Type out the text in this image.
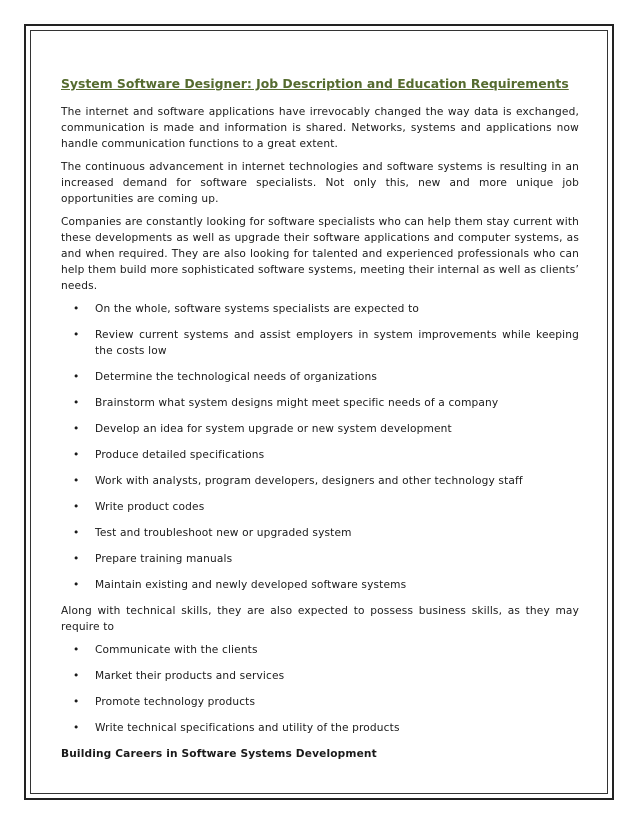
System Software Designer: Job Description and Education Requirements

The internet and software applications have irrevocably changed the way data is exchanged, communication is made and information is shared. Networks, systems and applications now handle communication functions to a great extent.

The continuous advancement in internet technologies and software systems is resulting in an increased demand for software specialists. Not only this, new and more unique job opportunities are coming up.

Companies are constantly looking for software specialists who can help them stay current with these developments as well as upgrade their software applications and computer systems, as and when required. They are also looking for talented and experienced professionals who can help them build more sophisticated software systems, meeting their internal as well as clients’ needs.

• On the whole, software systems specialists are expected to
• Review current systems and assist employers in system improvements while keeping the costs low
• Determine the technological needs of organizations
• Brainstorm what system designs might meet specific needs of a company
• Develop an idea for system upgrade or new system development
• Produce detailed specifications
• Work with analysts, program developers, designers and other technology staff
• Write product codes
• Test and troubleshoot new or upgraded system
• Prepare training manuals
• Maintain existing and newly developed software systems

Along with technical skills, they are also expected to possess business skills, as they may require to

• Communicate with the clients
• Market their products and services
• Promote technology products
• Write technical specifications and utility of the products
Building Careers in Software Systems Development
